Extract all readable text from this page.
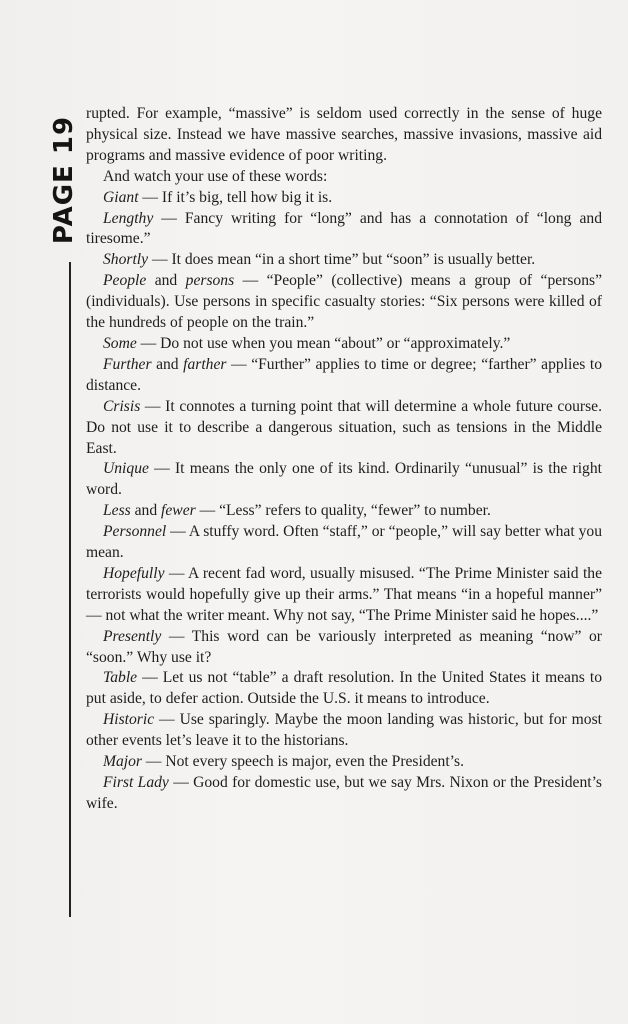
PAGE 19

rupted. For example, “massive” is seldom used correctly in the sense of huge physical size. Instead we have massive searches, massive invasions, massive aid programs and massive evidence of poor writing.

And watch your use of these words:

Giant — If it’s big, tell how big it is.

Lengthy — Fancy writing for “long” and has a connotation of “long and tiresome.”

Shortly — It does mean “in a short time” but “soon” is usually better.

People and persons — “People” (collective) means a group of “persons” (individuals). Use persons in specific casualty stories: “Six persons were killed of the hundreds of people on the train.”

Some — Do not use when you mean “about” or “approximately.”

Further and farther — “Further” applies to time or degree; “farther” applies to distance.

Crisis — It connotes a turning point that will determine a whole future course. Do not use it to describe a dangerous situation, such as tensions in the Middle East.

Unique — It means the only one of its kind. Ordinarily “unusual” is the right word.

Less and fewer — “Less” refers to quality, “fewer” to number.

Personnel — A stuffy word. Often “staff,” or “people,” will say better what you mean.

Hopefully — A recent fad word, usually misused. “The Prime Minister said the terrorists would hopefully give up their arms.” That means “in a hopeful manner” — not what the writer meant. Why not say, “The Prime Minister said he hopes....”

Presently — This word can be variously interpreted as meaning “now” or “soon.” Why use it?

Table — Let us not “table” a draft resolution. In the United States it means to put aside, to defer action. Outside the U.S. it means to introduce.

Historic — Use sparingly. Maybe the moon landing was historic, but for most other events let’s leave it to the historians.

Major — Not every speech is major, even the President’s.

First Lady — Good for domestic use, but we say Mrs. Nixon or the President’s wife.
